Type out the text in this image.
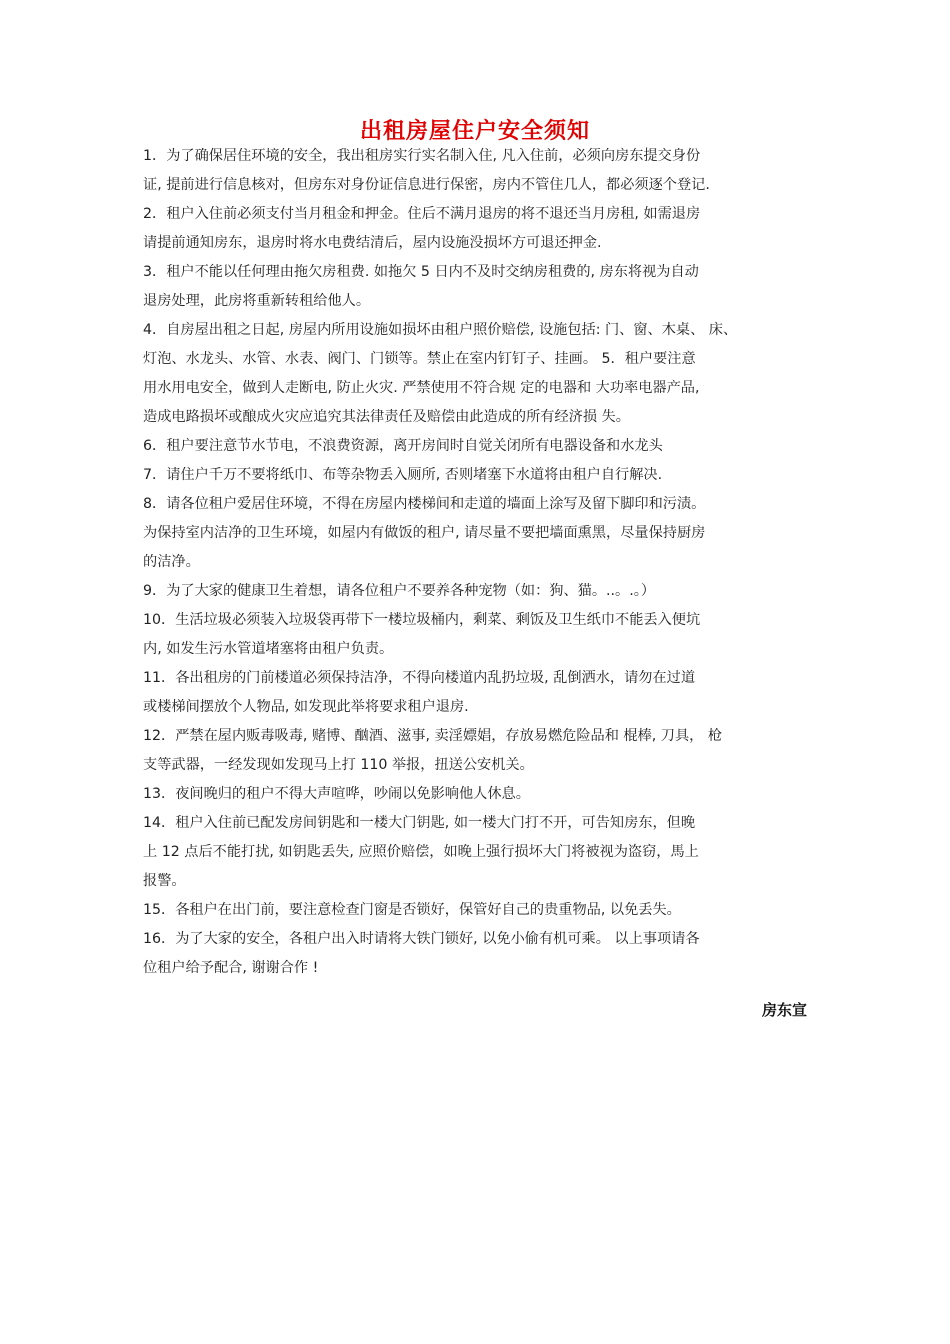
出租房屋住户安全须知
1．为了确保居住环境的安全，我出租房实行实名制入住, 凡入住前，必须向房东提交身份
证, 提前进行信息核对，但房东对身份证信息进行保密，房内不管住几人，都必须逐个登记.
2．租户入住前必须支付当月租金和押金。住后不满月退房的将不退还当月房租, 如需退房
请提前通知房东，退房时将水电费结清后，屋内设施没损坏方可退还押金.
3．租户不能以任何理由拖欠房租费. 如拖欠 5 日内不及时交纳房租费的, 房东将视为自动
退房处理，此房将重新转租给他人。
4．自房屋出租之日起, 房屋内所用设施如损坏由租户照价赔偿, 设施包括: 门、窗、木桌、 床、
灯泡、水龙头、水管、水表、阀门、门锁等。禁止在室内钉钉子、挂画。 5．租户要注意
用水用电安全，做到人走断电, 防止火灾. 严禁使用不符合规 定的电器和 大功率电器产品,
造成电路损坏或酿成火灾应追究其法律责任及赔偿由此造成的所有经济损 失。
6．租户要注意节水节电，不浪费资源，离开房间时自觉关闭所有电器设备和水龙头
7．请住户千万不要将纸巾、布等杂物丢入厕所, 否则堵塞下水道将由租户自行解决.
8．请各位租户爱居住环境，不得在房屋内楼梯间和走道的墙面上涂写及留下脚印和污渍。
为保持室内洁净的卫生环境，如屋内有做饭的租户, 请尽量不要把墙面熏黑，尽量保持厨房
的洁净。
9．为了大家的健康卫生着想，请各位租户不要养各种宠物（如：狗、猫。..。.。）
10．生活垃圾必须装入垃圾袋再带下一楼垃圾桶内，剩菜、剩饭及卫生纸巾不能丢入便坑
内, 如发生污水管道堵塞将由租户负责。
11．各出租房的门前楼道必须保持洁净，不得向楼道内乱扔垃圾, 乱倒洒水，请勿在过道
或楼梯间摆放个人物品, 如发现此举将要求租户退房.
12．严禁在屋内贩毒吸毒, 赌博、酗酒、滋事, 卖淫嫖娼，存放易燃危险品和 棍棒, 刀具， 枪
支等武器，一经发现如发现马上打 110 举报，扭送公安机关。
13．夜间晚归的租户不得大声喧哗，吵闹以免影响他人休息。
14．租户入住前已配发房间钥匙和一楼大门钥匙, 如一楼大门打不开，可告知房东，但晚
上 12 点后不能打扰, 如钥匙丢失, 应照价赔偿，如晚上强行损坏大门将被视为盗窃，馬上
报警。
15．各租户在出门前，要注意检查门窗是否锁好，保管好自己的贵重物品, 以免丢失。
16．为了大家的安全，各租户出入时请将大铁门锁好, 以免小偷有机可乘。 以上事项请各
位租户给予配合, 谢谢合作 !
房东宣
